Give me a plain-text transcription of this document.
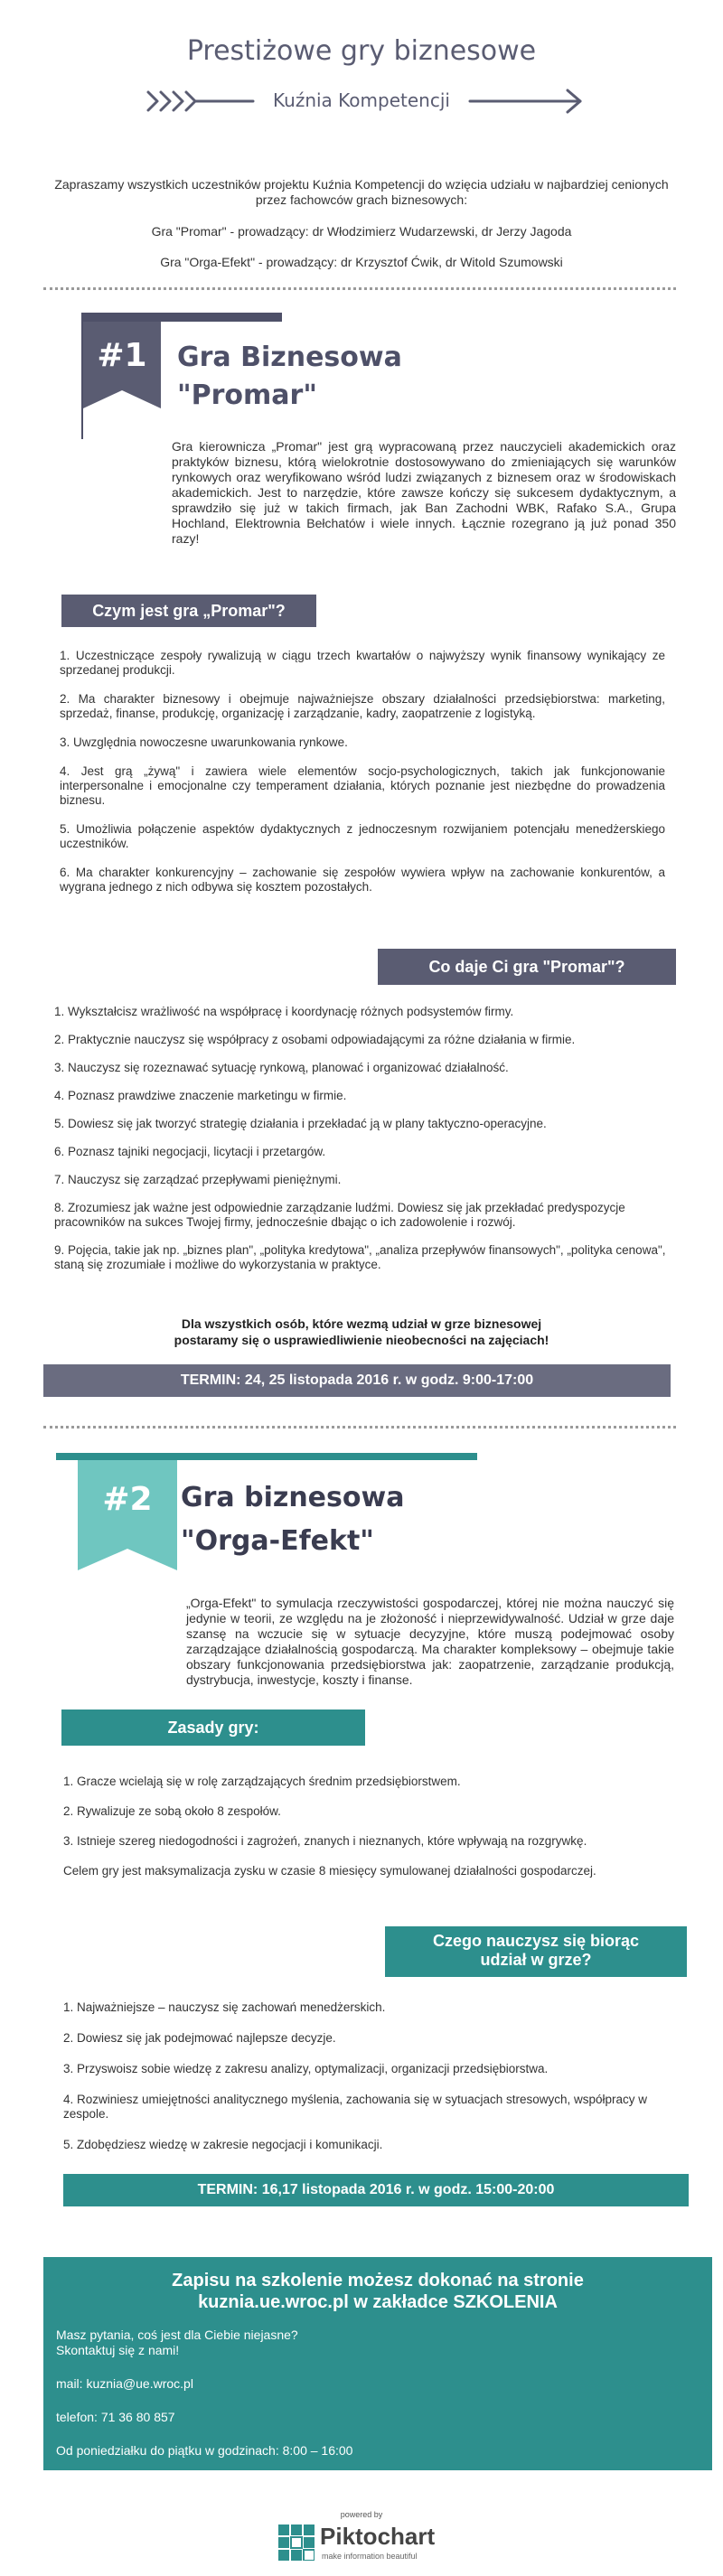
Prestiżowe gry biznesowe
Kuźnia Kompetencji
Zapraszamy wszystkich uczestników projektu Kuźnia Kompetencji do wzięcia udziału w najbardziej cenionych przez fachowców grach biznesowych:
Gra "Promar" - prowadzący: dr Włodzimierz Wudarzewski, dr Jerzy Jagoda
Gra "Orga-Efekt" - prowadzący: dr Krzysztof Ćwik, dr Witold Szumowski
#1	Gra Biznesowa
"Promar"
Gra kierownicza „Promar" jest grą wypracowaną przez nauczycieli akademickich oraz praktyków biznesu, którą wielokrotnie dostosowywano do zmieniających się warunków rynkowych oraz weryfikowano wśród ludzi związanych z biznesem oraz w środowiskach akademickich. Jest to narzędzie, które zawsze kończy się sukcesem dydaktycznym, a sprawdziło się już w takich firmach, jak Ban Zachodni WBK, Rafako S.A., Grupa Hochland, Elektrownia Bełchatów i wiele innych. Łącznie rozegrano ją już ponad 350 razy!
Czym jest gra „Promar"?
1. Uczestniczące zespoły rywalizują w ciągu trzech kwartałów o najwyższy wynik finansowy wynikający ze sprzedanej produkcji.
2. Ma charakter biznesowy i obejmuje najważniejsze obszary działalności przedsiębiorstwa: marketing, sprzedaż, finanse, produkcję, organizację i zarządzanie, kadry, zaopatrzenie z logistyką.
3. Uwzględnia nowoczesne uwarunkowania rynkowe.
4. Jest grą „żywą" i zawiera wiele elementów socjo-psychologicznych, takich jak funkcjonowanie interpersonalne i emocjonalne czy temperament działania, których poznanie jest niezbędne do prowadzenia biznesu.
5. Umożliwia połączenie aspektów dydaktycznych z jednoczesnym rozwijaniem potencjału menedżerskiego uczestników.
6. Ma charakter konkurencyjny – zachowanie się zespołów wywiera wpływ na zachowanie konkurentów, a wygrana jednego z nich odbywa się kosztem pozostałych.
Co daje Ci gra "Promar"?
1. Wykształcisz wrażliwość na współpracę i koordynację różnych podsystemów firmy.
2. Praktycznie nauczysz się współpracy z osobami odpowiadającymi za różne działania w firmie.
3. Nauczysz się rozeznawać sytuację rynkową, planować i organizować działalność.
4. Poznasz prawdziwe znaczenie marketingu w firmie.
5. Dowiesz się jak tworzyć strategię działania i przekładać ją w plany taktyczno-operacyjne.
6. Poznasz tajniki negocjacji, licytacji i przetargów.
7. Nauczysz się zarządzać przepływami pieniężnymi.
8. Zrozumiesz jak ważne jest odpowiednie zarządzanie ludźmi. Dowiesz się jak przekładać predyspozycje pracowników na sukces Twojej firmy, jednocześnie dbając o ich zadowolenie i rozwój.
9. Pojęcia, takie jak np. „biznes plan", „polityka kredytowa", „analiza przepływów finansowych", „polityka cenowa", staną się zrozumiałe i możliwe do wykorzystania w praktyce.
Dla wszystkich osób, które wezmą udział w grze biznesowej postaramy się o usprawiedliwienie nieobecności na zajęciach!
TERMIN: 24, 25 listopada 2016 r. w godz. 9:00-17:00
#2	Gra biznesowa
"Orga-Efekt"
„Orga-Efekt" to symulacja rzeczywistości gospodarczej, której nie można nauczyć się jedynie w teorii, ze względu na je złożoność i nieprzewidywalność. Udział w grze daje szansę na wczucie się w sytuacje decyzyjne, które muszą podejmować osoby zarządzające działalnością gospodarczą. Ma charakter kompleksowy – obejmuje takie obszary funkcjonowania przedsiębiorstwa jak: zaopatrzenie, zarządzanie produkcją, dystrybucja, inwestycje, koszty i finanse.
Zasady gry:
1. Gracze wcielają się w rolę zarządzających średnim przedsiębiorstwem.
2. Rywalizuje ze sobą około 8 zespołów.
3. Istnieje szereg niedogodności i zagrożeń, znanych i nieznanych, które wpływają na rozgrywkę.
Celem gry jest maksymalizacja zysku w czasie 8 miesięcy symulowanej działalności gospodarczej.
Czego nauczysz się biorąc
udział w grze?
1. Najważniejsze – nauczysz się zachowań menedżerskich.
2. Dowiesz się jak podejmować najlepsze decyzje.
3. Przyswoisz sobie wiedzę z zakresu analizy, optymalizacji, organizacji przedsiębiorstwa.
4. Rozwiniesz umiejętności analitycznego myślenia, zachowania się w sytuacjach stresowych, współpracy w zespole.
5. Zdobędziesz wiedzę w zakresie negocjacji i komunikacji.
TERMIN: 16,17 listopada 2016 r. w godz. 15:00-20:00
Zapisu na szkolenie możesz dokonać na stronie
kuznia.ue.wroc.pl w zakładce SZKOLENIA
Masz pytania, coś jest dla Ciebie niejasne?
Skontaktuj się z nami!
mail: kuznia@ue.wroc.pl
telefon: 71 36 80 857
Od poniedziałku do piątku w godzinach: 8:00 – 16:00
powered by
Piktochart
make information beautiful
